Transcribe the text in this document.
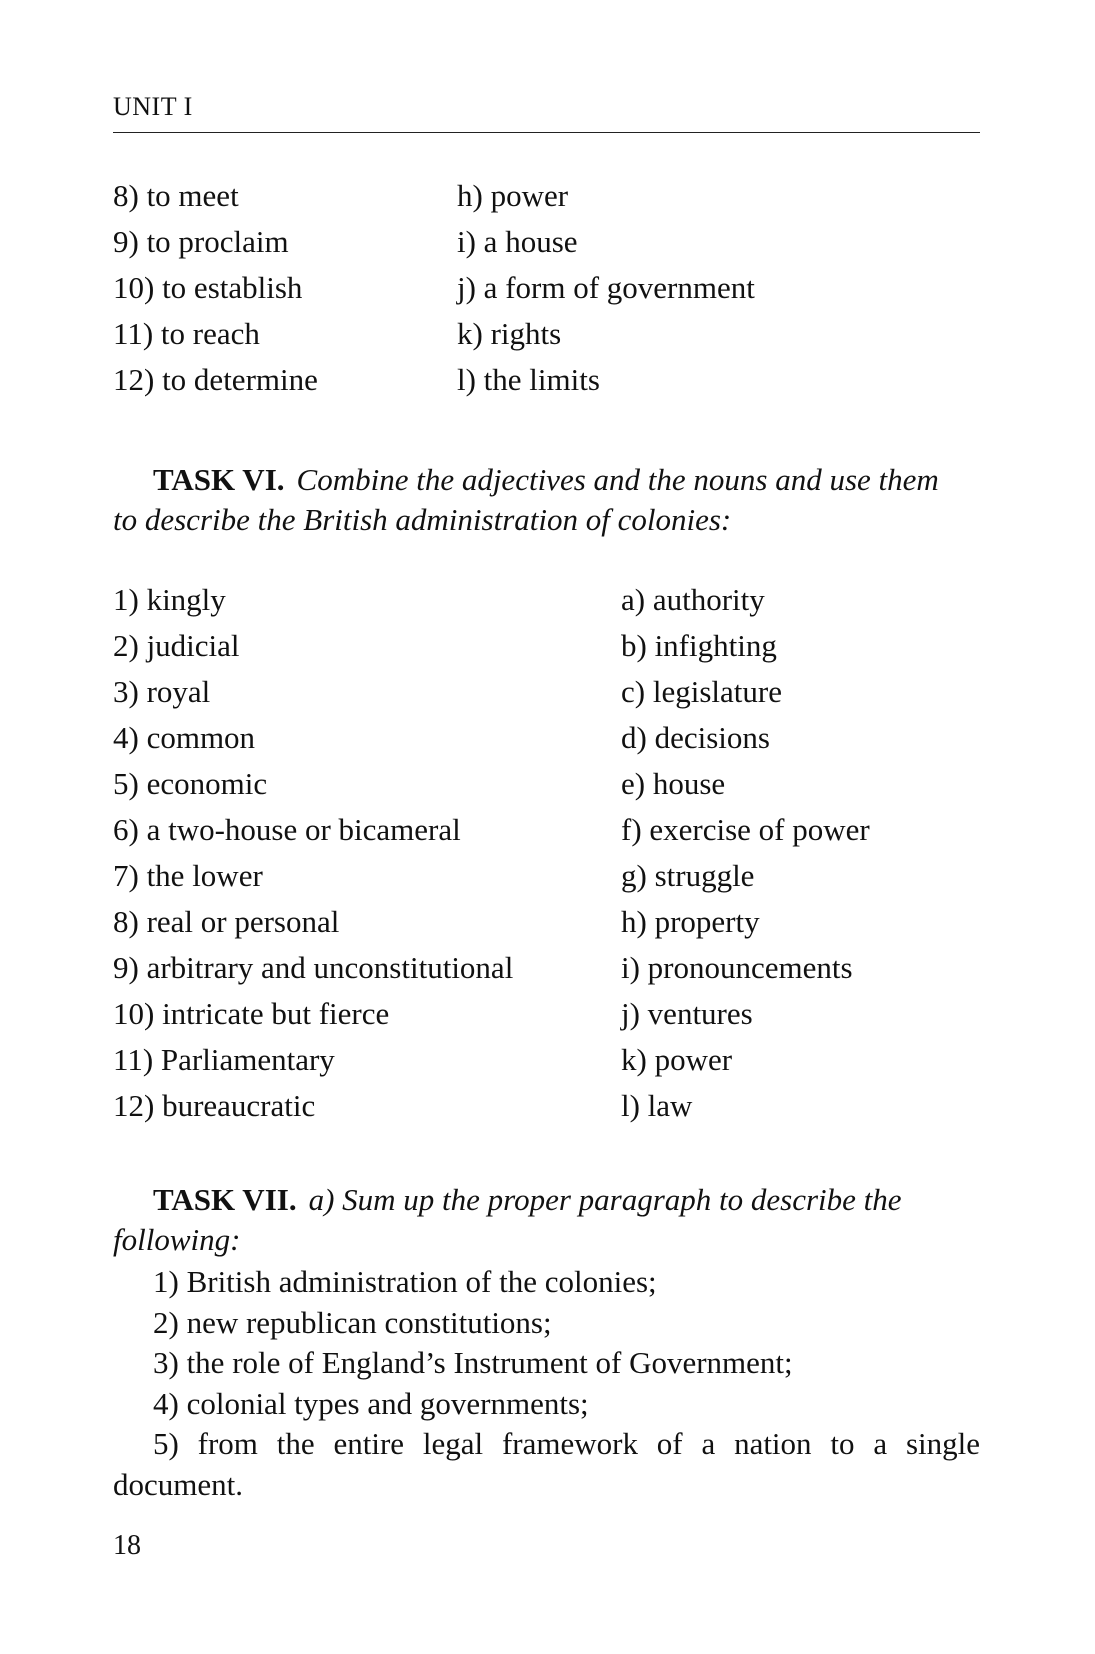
UNIT I
8) to meet	h) power
9) to proclaim	i) a house
10) to establish	j) a form of government
11) to reach	k) rights
12) to determine	l) the limits
TASK VI. Combine the adjectives and the nouns and use them
to describe the British administration of colonies:
1) kingly	a) authority
2) judicial	b) infighting
3) royal	c) legislature
4) common	d) decisions
5) economic	e) house
6) a two-house or bicameral	f) exercise of power
7) the lower	g) struggle
8) real or personal	h) property
9) arbitrary and unconstitutional	i) pronouncements
10) intricate but fierce	j) ventures
11) Parliamentary	k) power
12) bureaucratic	l) law
TASK VII. a) Sum up the proper paragraph to describe the
following:
1) British administration of the colonies;
2) new republican constitutions;
3) the role of England’s Instrument of Government;
4) colonial types and governments;
5) from the entire legal framework of a nation to a single document.
18
